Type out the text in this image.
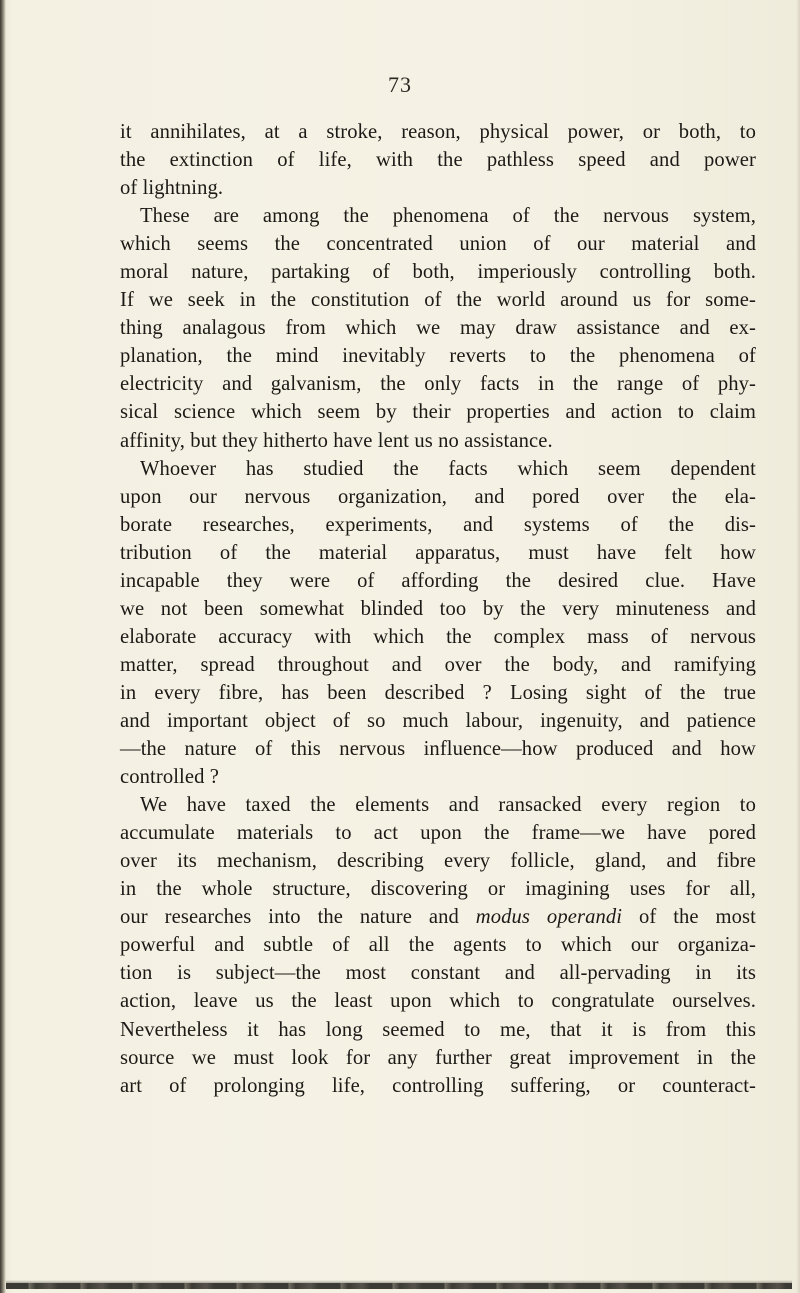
73
it annihilates, at a stroke, reason, physical power, or both, to
the extinction of life, with the pathless speed and power
of lightning.
These are among the phenomena of the nervous system,
which seems the concentrated union of our material and
moral nature, partaking of both, imperiously controlling both.
If we seek in the constitution of the world around us for some-
thing analagous from which we may draw assistance and ex-
planation, the mind inevitably reverts to the phenomena of
electricity and galvanism, the only facts in the range of phy-
sical science which seem by their properties and action to claim
affinity, but they hitherto have lent us no assistance.
Whoever has studied the facts which seem dependent
upon our nervous organization, and pored over the ela-
borate researches, experiments, and systems of the dis-
tribution of the material apparatus, must have felt how
incapable they were of affording the desired clue. Have
we not been somewhat blinded too by the very minuteness and
elaborate accuracy with which the complex mass of nervous
matter, spread throughout and over the body, and ramifying
in every fibre, has been described ? Losing sight of the true
and important object of so much labour, ingenuity, and patience
—the nature of this nervous influence—how produced and how
controlled ?
We have taxed the elements and ransacked every region to
accumulate materials to act upon the frame—we have pored
over its mechanism, describing every follicle, gland, and fibre
in the whole structure, discovering or imagining uses for all,
our researches into the nature and modus operandi of the most
powerful and subtle of all the agents to which our organiza-
tion is subject—the most constant and all-pervading in its
action, leave us the least upon which to congratulate ourselves.
Nevertheless it has long seemed to me, that it is from this
source we must look for any further great improvement in the
art of prolonging life, controlling suffering, or counteract-
